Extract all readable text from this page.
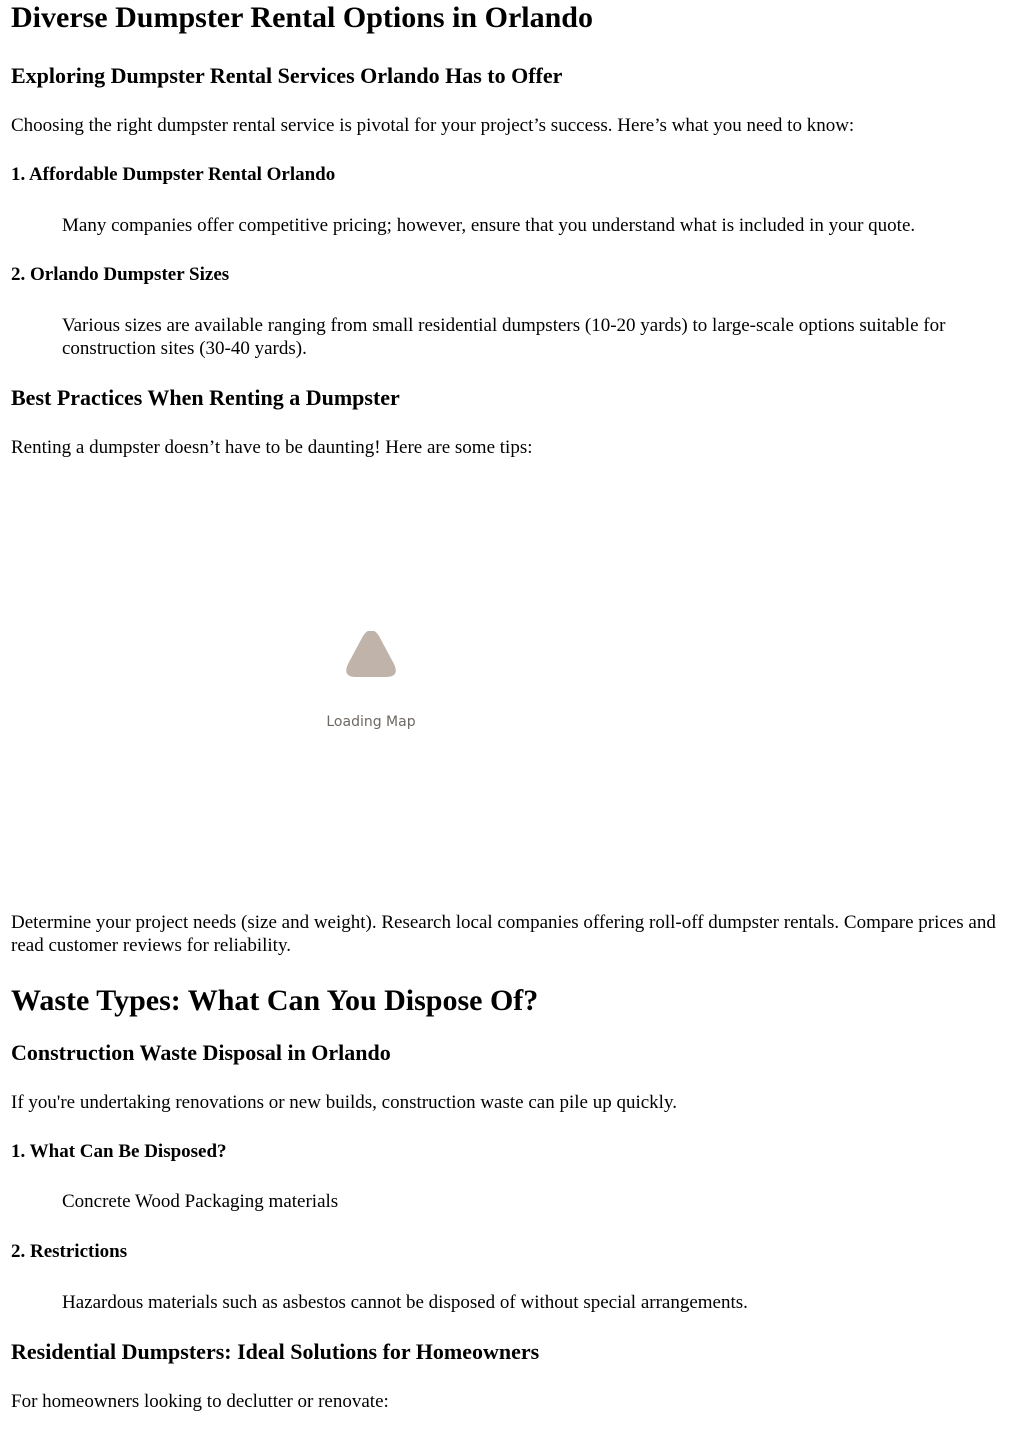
Diverse Dumpster Rental Options in Orlando
Exploring Dumpster Rental Services Orlando Has to Offer

Choosing the right dumpster rental service is pivotal for your project’s success. Here’s what you need to know:

1. Affordable Dumpster Rental Orlando

Many companies offer competitive pricing; however, ensure that you understand what is included in your quote.

2. Orlando Dumpster Sizes

Various sizes are available ranging from small residential dumpsters (10-20 yards) to large-scale options suitable for construction sites (30-40 yards).

Best Practices When Renting a Dumpster

Renting a dumpster doesn’t have to be daunting! Here are some tips:

Loading Map

Determine your project needs (size and weight). Research local companies offering roll-off dumpster rentals. Compare prices and read customer reviews for reliability.

Waste Types: What Can You Dispose Of?
Construction Waste Disposal in Orlando

If you're undertaking renovations or new builds, construction waste can pile up quickly.

1. What Can Be Disposed?

Concrete Wood Packaging materials

2. Restrictions

Hazardous materials such as asbestos cannot be disposed of without special arrangements.

Residential Dumpsters: Ideal Solutions for Homeowners

For homeowners looking to declutter or renovate:
